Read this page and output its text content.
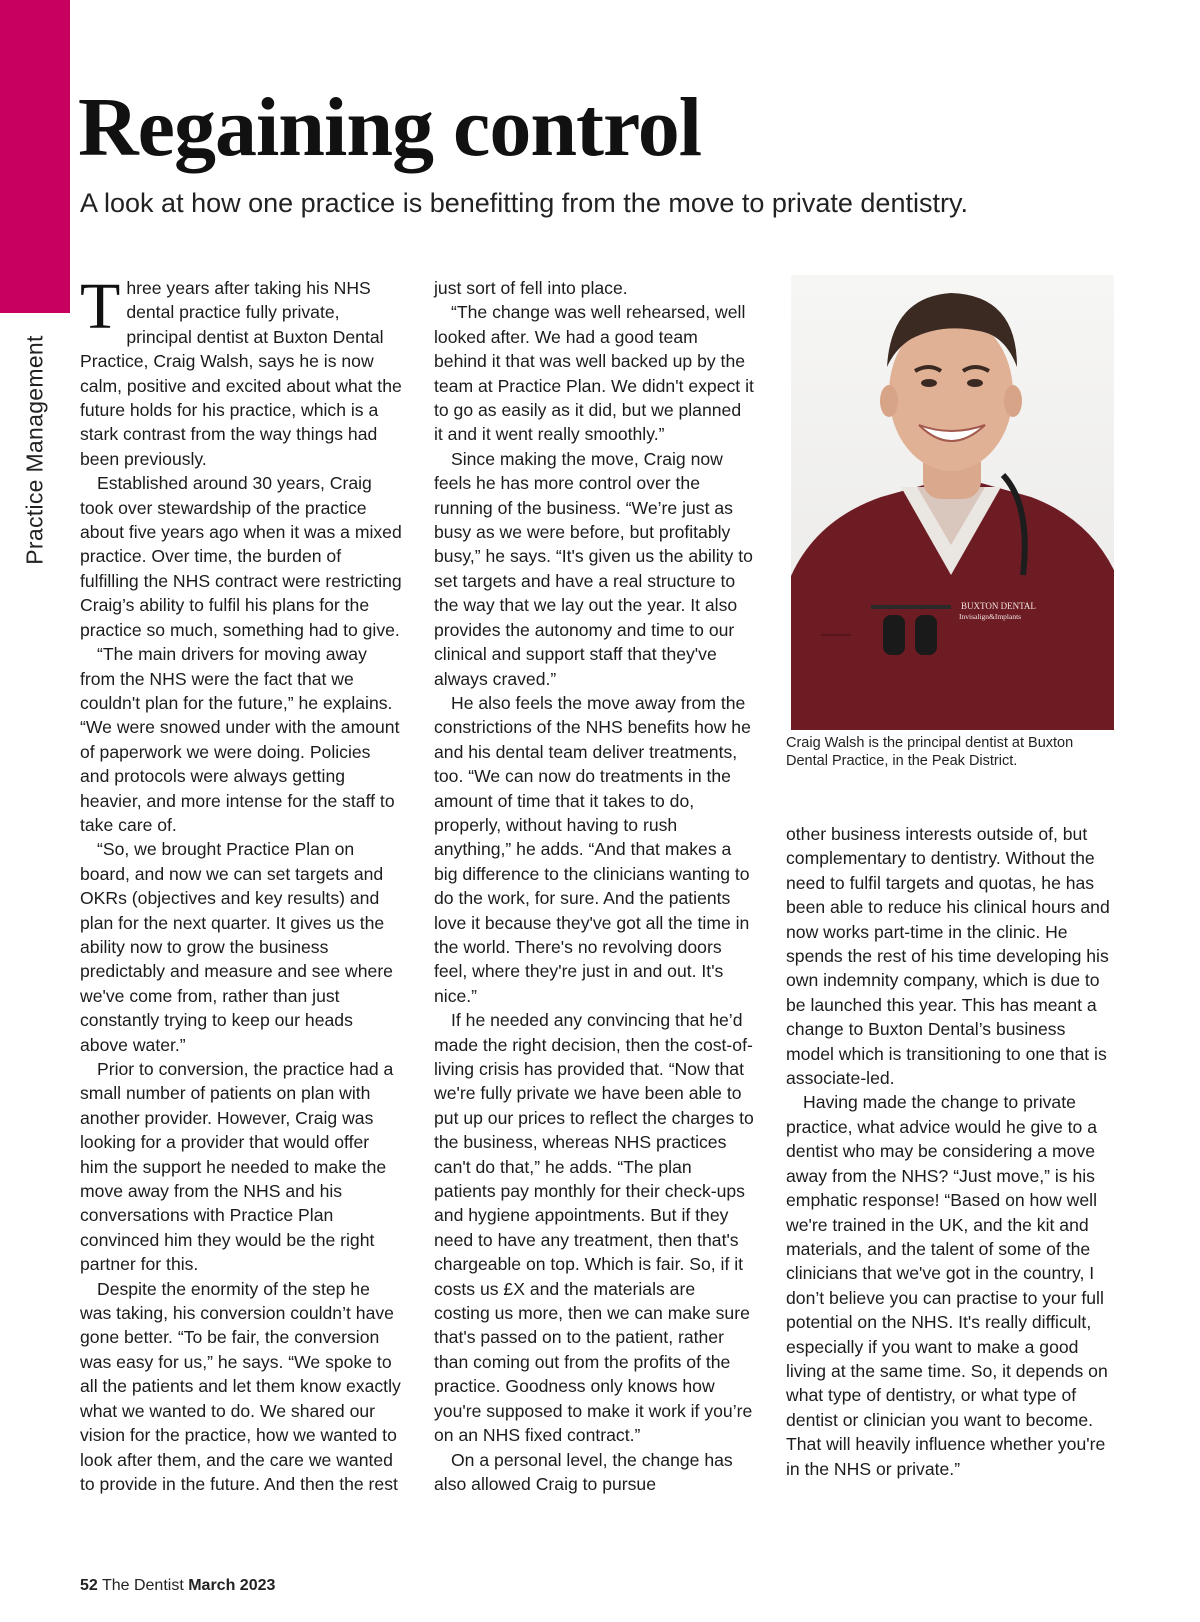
Practice Management
Regaining control

A look at how one practice is benefitting from the move to private dentistry.

Three years after taking his NHS dental practice fully private, principal dentist at Buxton Dental Practice, Craig Walsh, says he is now calm, positive and excited about what the future holds for his practice, which is a stark contrast from the way things had been previously.

Established around 30 years, Craig took over stewardship of the practice about five years ago when it was a mixed practice. Over time, the burden of fulfilling the NHS contract were restricting Craig’s ability to fulfil his plans for the practice so much, something had to give.

“The main drivers for moving away from the NHS were the fact that we couldn't plan for the future,” he explains. “We were snowed under with the amount of paperwork we were doing. Policies and protocols were always getting heavier, and more intense for the staff to take care of.

“So, we brought Practice Plan on board, and now we can set targets and OKRs (objectives and key results) and plan for the next quarter. It gives us the ability now to grow the business predictably and measure and see where we've come from, rather than just constantly trying to keep our heads above water.”

Prior to conversion, the practice had a small number of patients on plan with another provider. However, Craig was looking for a provider that would offer him the support he needed to make the move away from the NHS and his conversations with Practice Plan convinced him they would be the right partner for this.

Despite the enormity of the step he was taking, his conversion couldn’t have gone better. “To be fair, the conversion was easy for us,” he says. “We spoke to all the patients and let them know exactly what we wanted to do. We shared our vision for the practice, how we wanted to look after them, and the care we wanted to provide in the future. And then the rest

just sort of fell into place.

“The change was well rehearsed, well looked after. We had a good team behind it that was well backed up by the team at Practice Plan. We didn't expect it to go as easily as it did, but we planned it and it went really smoothly.”

Since making the move, Craig now feels he has more control over the running of the business. “We’re just as busy as we were before, but profitably busy,” he says. “It's given us the ability to set targets and have a real structure to the way that we lay out the year. It also provides the autonomy and time to our clinical and support staff that they've always craved.”

He also feels the move away from the constrictions of the NHS benefits how he and his dental team deliver treatments, too. “We can now do treatments in the amount of time that it takes to do, properly, without having to rush anything,” he adds. “And that makes a big difference to the clinicians wanting to do the work, for sure. And the patients love it because they've got all the time in the world. There's no revolving doors feel, where they're just in and out. It's nice.”

If he needed any convincing that he’d made the right decision, then the cost-of-living crisis has provided that. “Now that we're fully private we have been able to put up our prices to reflect the charges to the business, whereas NHS practices can't do that,” he adds. “The plan patients pay monthly for their check-ups and hygiene appointments. But if they need to have any treatment, then that's chargeable on top. Which is fair. So, if it costs us £X and the materials are costing us more, then we can make sure that's passed on to the patient, rather than coming out from the profits of the practice. Goodness only knows how you're supposed to make it work if you’re on an NHS fixed contract.”

On a personal level, the change has also allowed Craig to pursue

BUXTON DENTAL
Invisalign&Implants
Craig Walsh is the principal dentist at Buxton Dental Practice, in the Peak District.

other business interests outside of, but complementary to dentistry. Without the need to fulfil targets and quotas, he has been able to reduce his clinical hours and now works part-time in the clinic. He spends the rest of his time developing his own indemnity company, which is due to be launched this year. This has meant a change to Buxton Dental’s business model which is transitioning to one that is associate-led.

Having made the change to private practice, what advice would he give to a dentist who may be considering a move away from the NHS? “Just move,” is his emphatic response! “Based on how well we're trained in the UK, and the kit and materials, and the talent of some of the clinicians that we've got in the country, I don’t believe you can practise to your full potential on the NHS. It's really difficult, especially if you want to make a good living at the same time. So, it depends on what type of dentistry, or what type of dentist or clinician you want to become. That will heavily influence whether you're in the NHS or private.”

52 The Dentist March 2023
